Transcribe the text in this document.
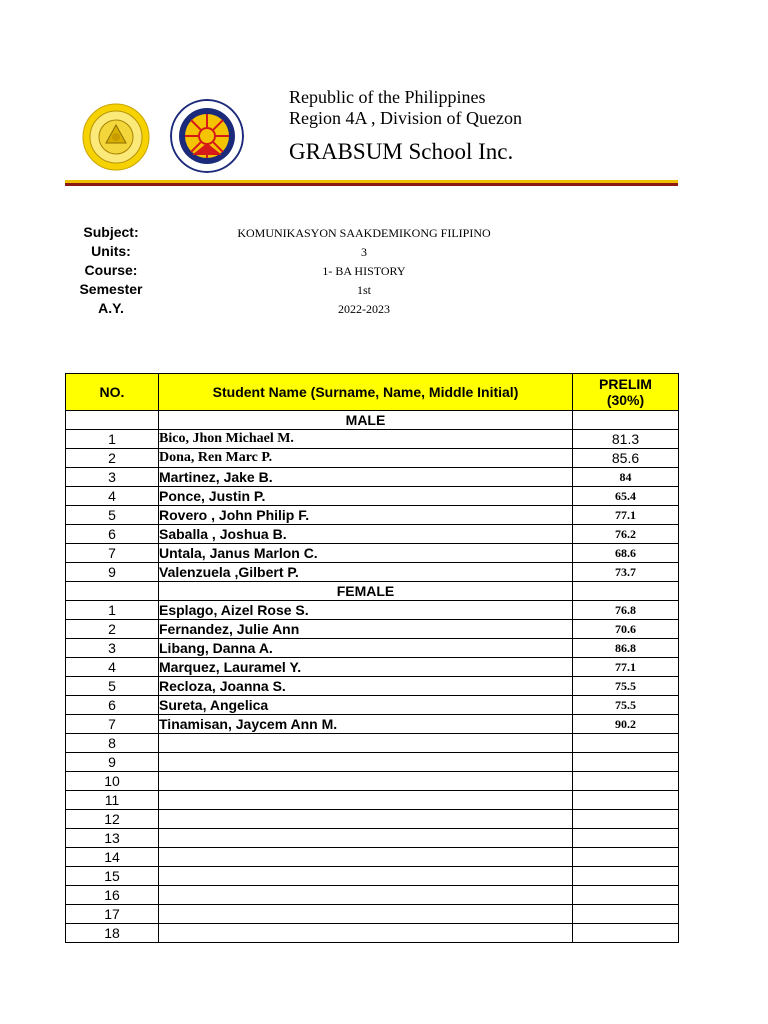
Republic of the Philippines
Region 4A , Division of Quezon
GRABSUM School Inc.
Subject:	KOMUNIKASYON SAAKDEMIKONG FILIPINO
Units:	3
Course:	1- BA HISTORY
Semester	1st
A.Y.	2022-2023
NO.	Student Name (Surname, Name, Middle Initial)	PRELIM
(30%)

	MALE	
1	Bico, Jhon Michael M.	81.3
2	Dona, Ren Marc P.	85.6
3	Martinez, Jake B.	84
4	Ponce, Justin P.	65.4
5	Rovero , John Philip F.	77.1
6	Saballa , Joshua B.	76.2
7	Untala, Janus Marlon C.	68.6
9	Valenzuela ,Gilbert P.	73.7
	FEMALE	
1	Esplago, Aizel Rose S.	76.8
2	Fernandez, Julie Ann	70.6
3	Libang, Danna A.	86.8
4	Marquez, Lauramel Y.	77.1
5	Recloza, Joanna S.	75.5
6	Sureta, Angelica	75.5
7	Tinamisan, Jaycem Ann M.	90.2
8		
9		
10		
11		
12		
13		
14		
15		
16		
17		
18		
